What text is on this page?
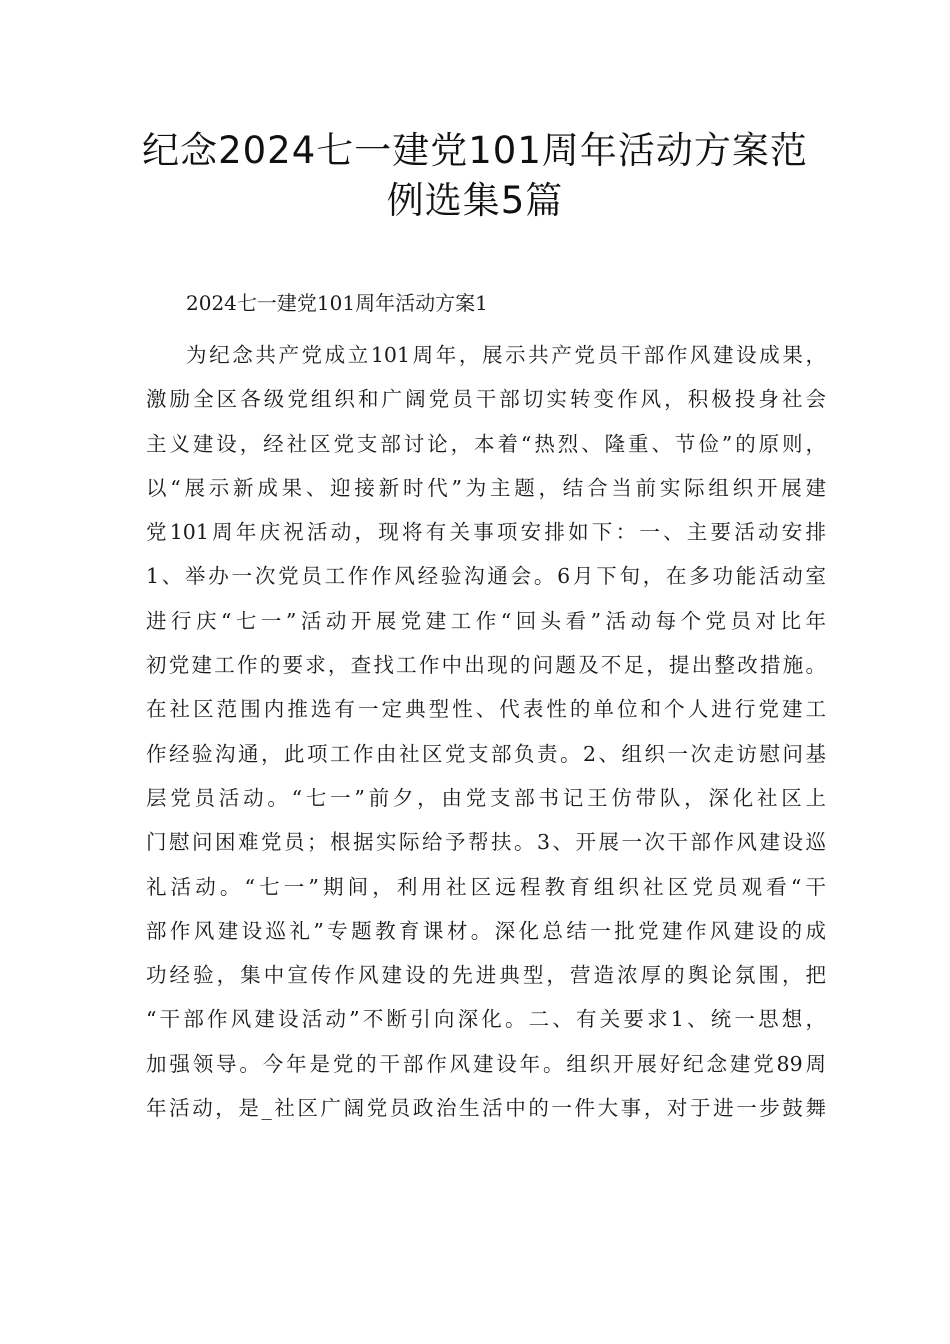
纪念2024七一建党101周年活动方案范
例选集5篇
2024七一建党101周年活动方案1
为纪念共产党成立101周年，展示共产党员干部作风建设成果，
激励全区各级党组织和广阔党员干部切实转变作风，积极投身社会
主义建设，经社区党支部讨论，本着“热烈、隆重、节俭”的原则，
以“展示新成果、迎接新时代”为主题，结合当前实际组织开展建
党101周年庆祝活动，现将有关事项安排如下：一、主要活动安排
1、举办一次党员工作作风经验沟通会。6月下旬，在多功能活动室
进行庆“七一”活动开展党建工作“回头看”活动每个党员对比年
初党建工作的要求，查找工作中出现的问题及不足，提出整改措施。
在社区范围内推选有一定典型性、代表性的单位和个人进行党建工
作经验沟通，此项工作由社区党支部负责。2、组织一次走访慰问基
层党员活动。“七一”前夕，由党支部书记王仿带队，深化社区上
门慰问困难党员；根据实际给予帮扶。3、开展一次干部作风建设巡
礼活动。“七一”期间，利用社区远程教育组织社区党员观看“干
部作风建设巡礼”专题教育课材。深化总结一批党建作风建设的成
功经验，集中宣传作风建设的先进典型，营造浓厚的舆论氛围，把
“干部作风建设活动”不断引向深化。二、有关要求1、统一思想，
加强领导。今年是党的干部作风建设年。组织开展好纪念建党89周
年活动，是_社区广阔党员政治生活中的一件大事，对于进一步鼓舞
